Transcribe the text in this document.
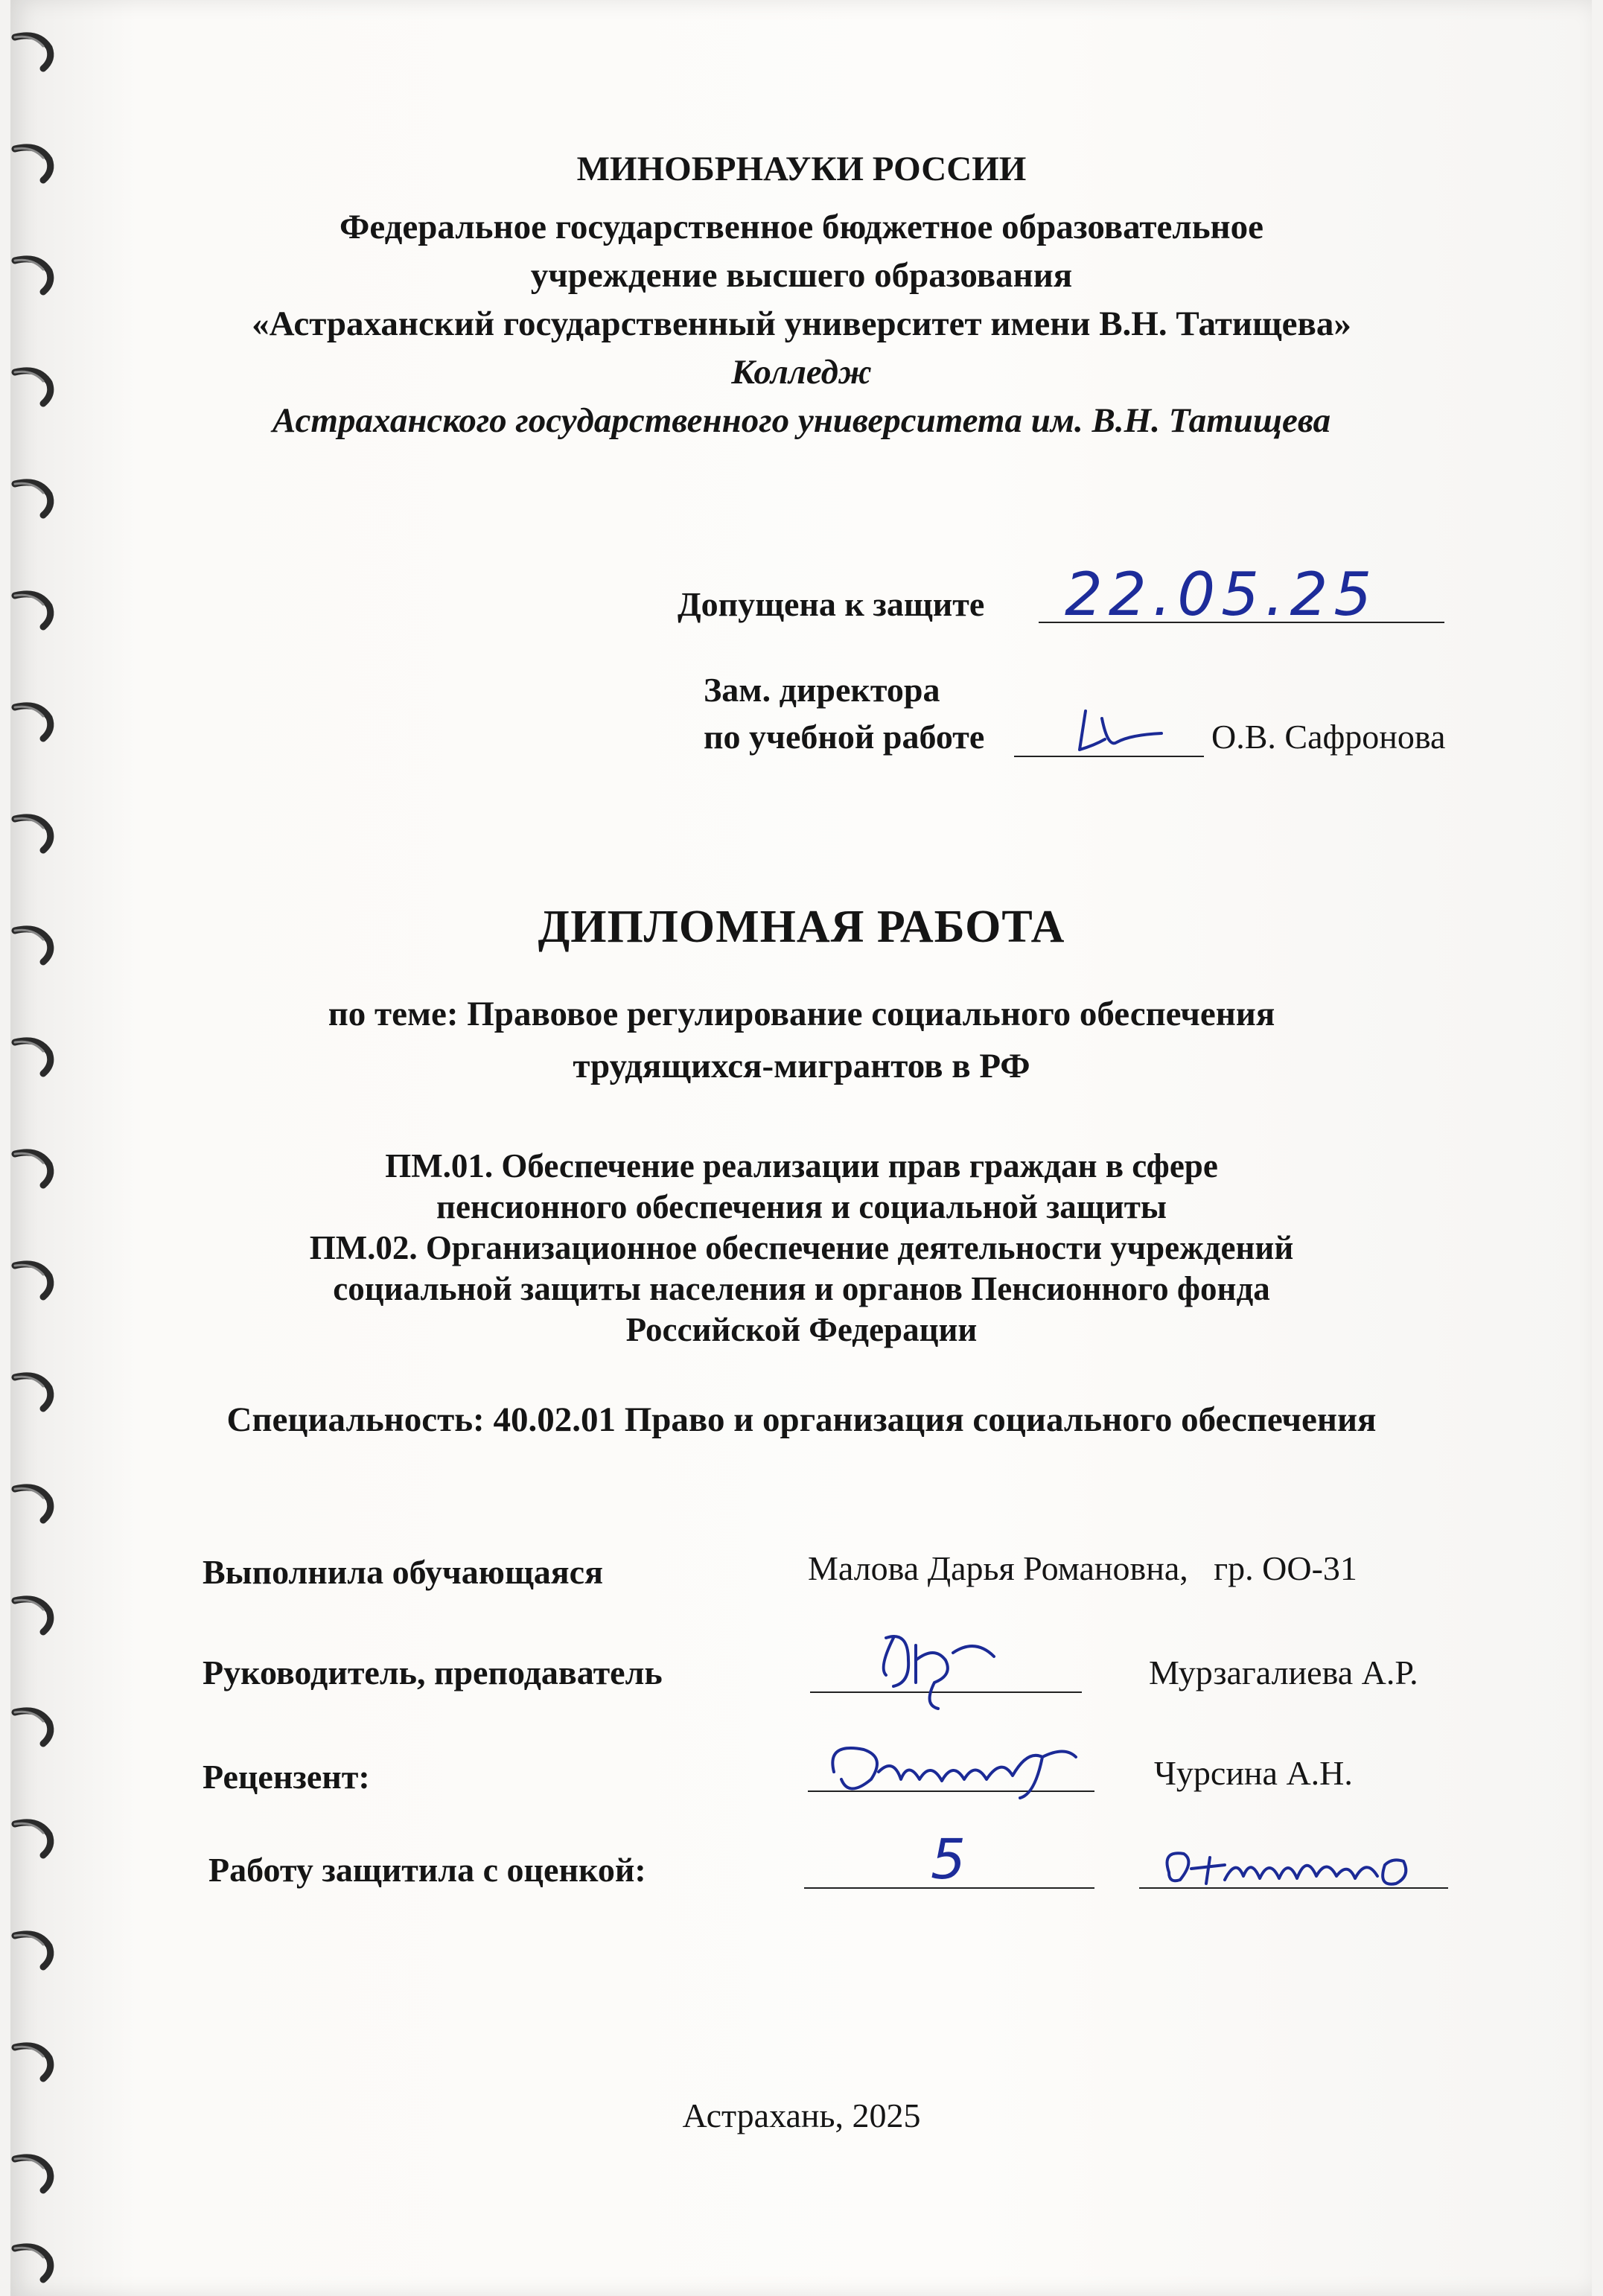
МИНОБРНАУКИ РОССИИ
Федеральное государственное бюджетное образовательное
учреждение высшего образования
«Астраханский государственный университет имени В.Н. Татищева»
Колледж
Астраханского государственного университета им. В.Н. Татищева
Допущена к защите 22.05.25
Зам. директора
по учебной работе	О.В. Сафронова
ДИПЛОМНАЯ РАБОТА
по теме: Правовое регулирование социального обеспечения
трудящихся-мигрантов в РФ
ПМ.01. Обеспечение реализации прав граждан в сфере
пенсионного обеспечения и социальной защиты
ПМ.02. Организационное обеспечение деятельности учреждений
социальной защиты населения и органов Пенсионного фонда
Российской Федерации
Специальность: 40.02.01 Право и организация социального обеспечения
Выполнила обучающаяся	Малова Дарья Романовна,   гр. ОО-31
Руководитель, преподаватель	Мурзагалиева А.Р.
Рецензент:	Чурсина А.Н.
Работу защитила с оценкой:	5
Астрахань, 2025
